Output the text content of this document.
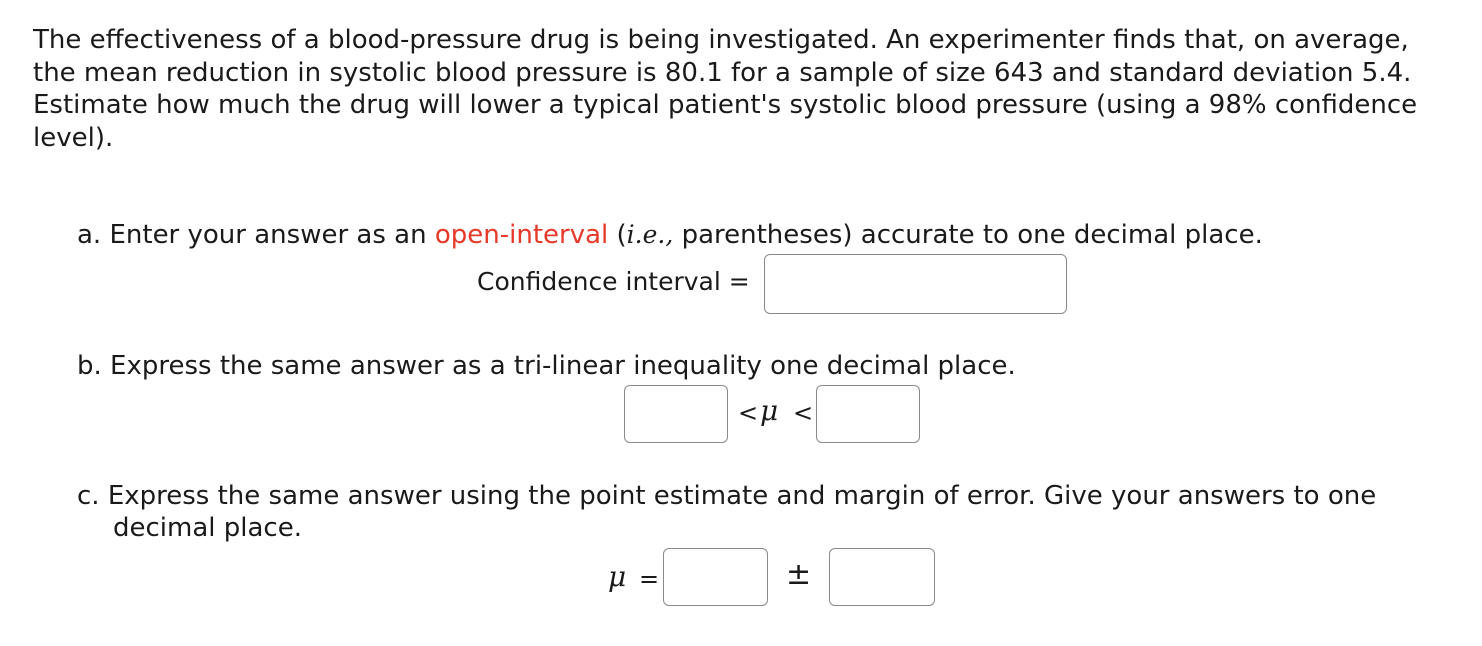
The effectiveness of a blood-pressure drug is being investigated. An experimenter finds that, on average, the mean reduction in systolic blood pressure is 80.1 for a sample of size 643 and standard deviation 5.4. Estimate how much the drug will lower a typical patient's systolic blood pressure (using a 98% confidence level).

a. Enter your answer as an open-interval (i.e., parentheses) accurate to one decimal place.
Confidence interval =
b. Express the same answer as a tri-linear inequality one decimal place.
< μ <
c. Express the same answer using the point estimate and margin of error. Give your answers to one decimal place.
μ =	±
